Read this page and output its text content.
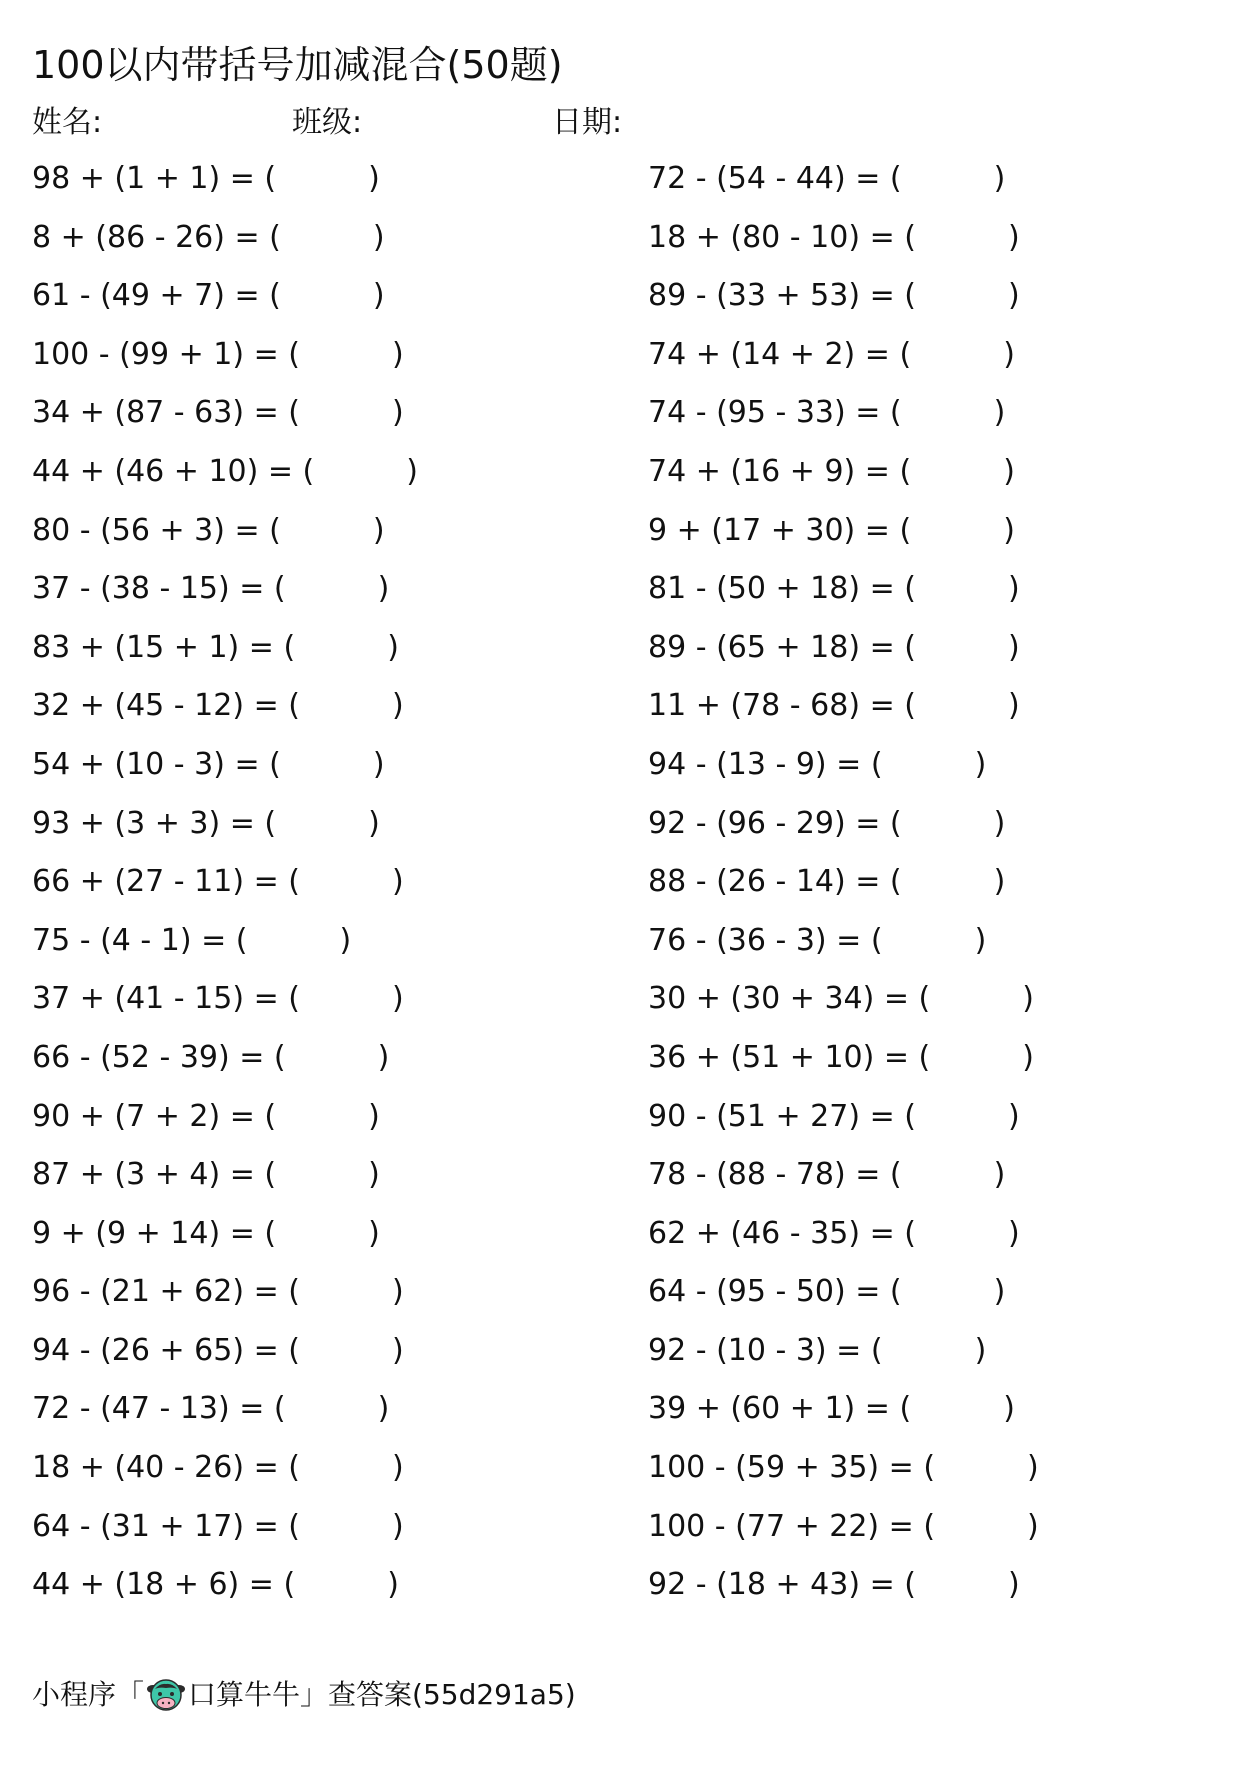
100以内带括号加减混合(50题)
姓名:	班级:	日期:
98 + (1 + 1) = (	)
8 + (86 - 26) = (	)
61 - (49 + 7) = (	)
100 - (99 + 1) = (	)
34 + (87 - 63) = (	)
44 + (46 + 10) = (	)
80 - (56 + 3) = (	)
37 - (38 - 15) = (	)
83 + (15 + 1) = (	)
32 + (45 - 12) = (	)
54 + (10 - 3) = (	)
93 + (3 + 3) = (	)
66 + (27 - 11) = (	)
75 - (4 - 1) = (	)
37 + (41 - 15) = (	)
66 - (52 - 39) = (	)
90 + (7 + 2) = (	)
87 + (3 + 4) = (	)
9 + (9 + 14) = (	)
96 - (21 + 62) = (	)
94 - (26 + 65) = (	)
72 - (47 - 13) = (	)
18 + (40 - 26) = (	)
64 - (31 + 17) = (	)
44 + (18 + 6) = (	)
72 - (54 - 44) = (	)
18 + (80 - 10) = (	)
89 - (33 + 53) = (	)
74 + (14 + 2) = (	)
74 - (95 - 33) = (	)
74 + (16 + 9) = (	)
9 + (17 + 30) = (	)
81 - (50 + 18) = (	)
89 - (65 + 18) = (	)
11 + (78 - 68) = (	)
94 - (13 - 9) = (	)
92 - (96 - 29) = (	)
88 - (26 - 14) = (	)
76 - (36 - 3) = (	)
30 + (30 + 34) = (	)
36 + (51 + 10) = (	)
90 - (51 + 27) = (	)
78 - (88 - 78) = (	)
62 + (46 - 35) = (	)
64 - (95 - 50) = (	)
92 - (10 - 3) = (	)
39 + (60 + 1) = (	)
100 - (59 + 35) = (	)
100 - (77 + 22) = (	)
92 - (18 + 43) = (	)
小程序「 口算牛牛 」查答案(55d291a5)
